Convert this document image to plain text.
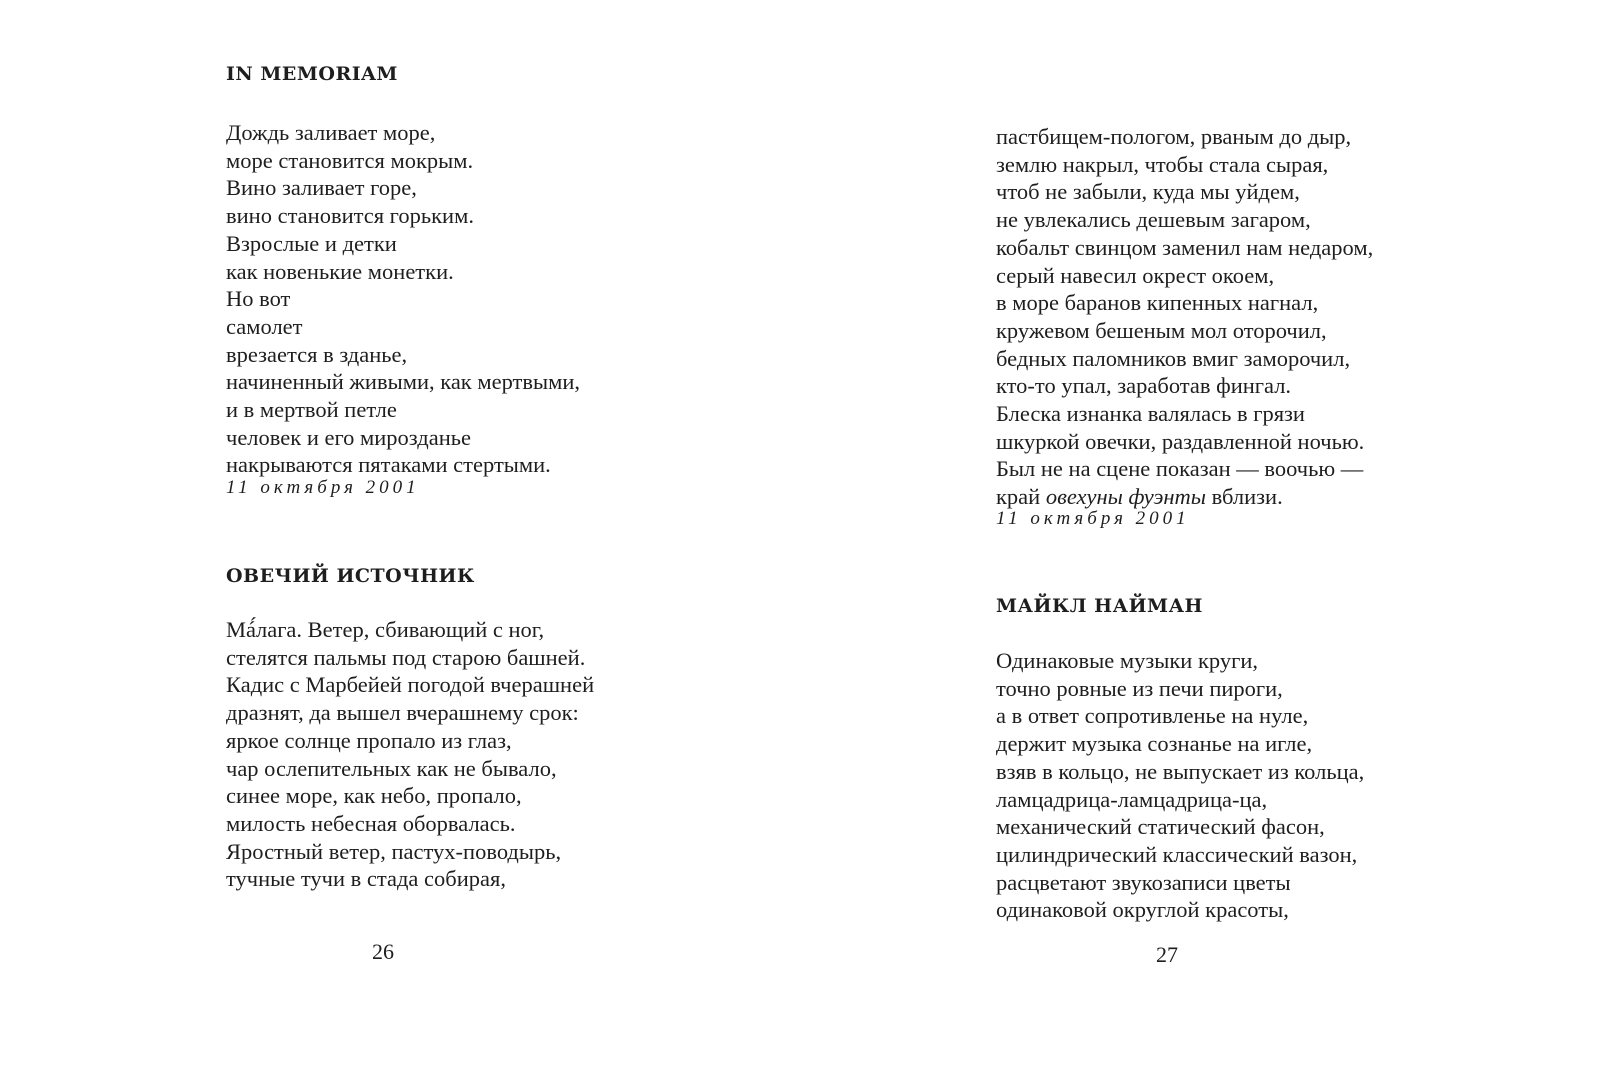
IN MEMORIAM
Дождь заливает море,
море становится мокрым.
Вино заливает горе,
вино становится горьким.
Взрослые и детки
как новенькие монетки.
Но вот
самолет
врезается в зданье,
начиненный живыми, как мертвыми,
и в мертвой петле
человек и его мирозданье
накрываются пятаками стертыми.
11 октября 2001
ОВЕЧИЙ ИСТОЧНИК
Má́лага. Ветер, сбивающий с ног,
стелятся пальмы под старою башней.
Кадис с Марбейей погодой вчерашней
дразнят, да вышел вчерашнему срок:
яркое солнце пропало из глаз,
чар ослепительных как не бывало,
синее море, как небо, пропало,
милость небесная оборвалась.
Яростный ветер, пастух-поводырь,
тучные тучи в стада собирая,
26
пастбищем-пологом, рваным до дыр,
землю накрыл, чтобы стала сырая,
чтоб не забыли, куда мы уйдем,
не увлекались дешевым загаром,
кобальт свинцом заменил нам недаром,
серый навесил окрест окоем,
в море баранов кипенных нагнал,
кружевом бешеным мол оторочил,
бедных паломников вмиг заморочил,
кто-то упал, заработав фингал.
Блеска изнанка валялась в грязи
шкуркой овечки, раздавленной ночью.
Был не на сцене показан — воочью —
край овехуны фуэнты вблизи.
11 октября 2001
МАЙКЛ НАЙМАН
Одинаковые музыки круги,
точно ровные из печи пироги,
а в ответ сопротивленье на нуле,
держит музыка сознанье на игле,
взяв в кольцо, не выпускает из кольца,
ламцадрица-ламцадрица-ца,
механический статический фасон,
цилиндрический классический вазон,
расцветают звукозаписи цветы
одинаковой округлой красоты,
27
